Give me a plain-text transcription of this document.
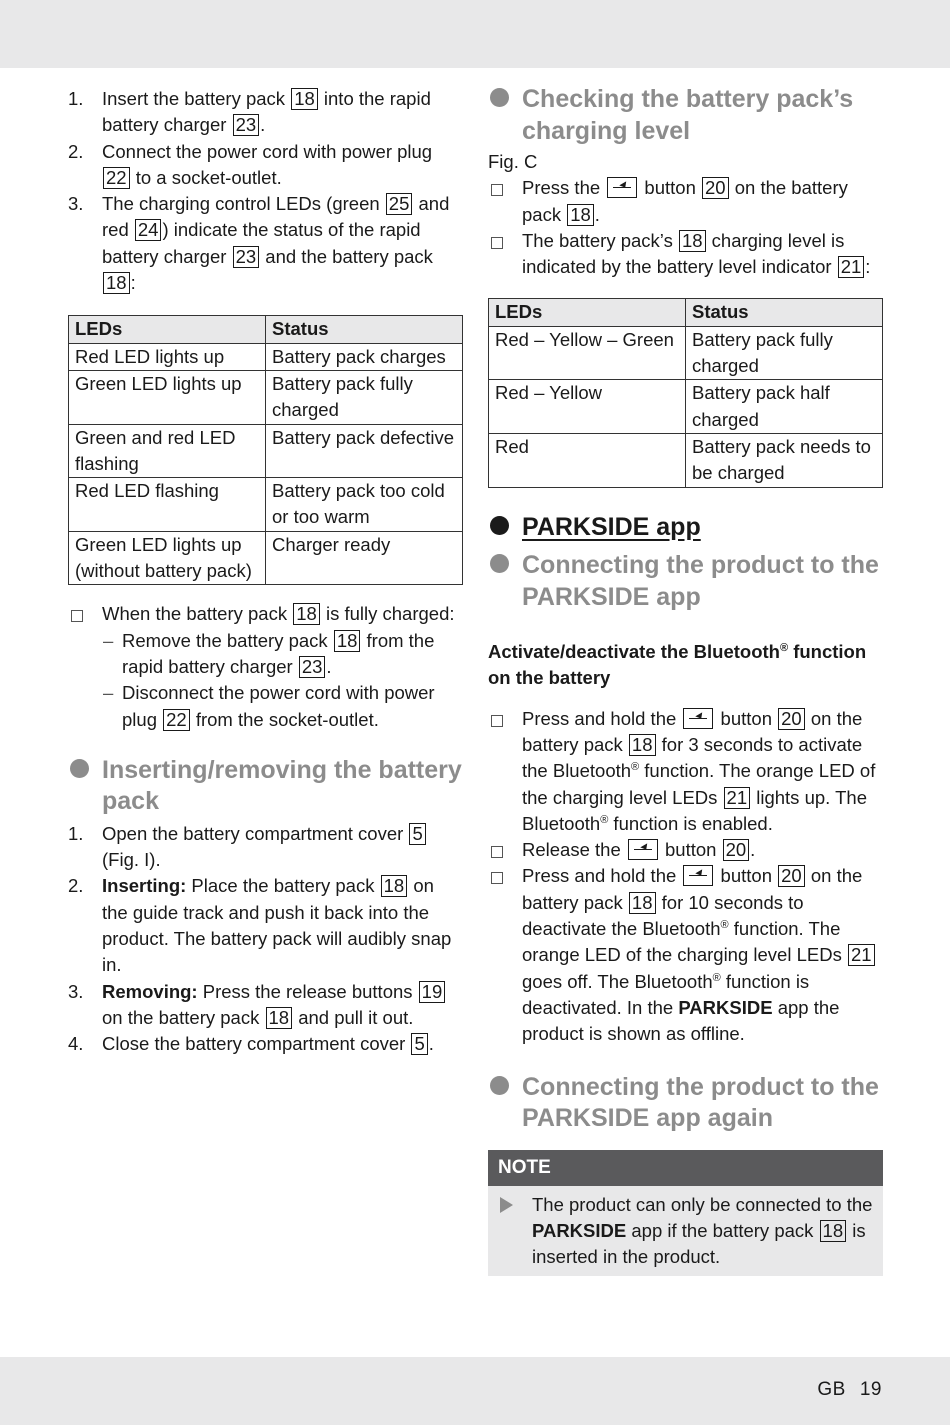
1. Insert the battery pack 18 into the rapid battery charger 23 .
2. Connect the power cord with power plug 22 to a socket-outlet.
3. The charging control LEDs (green 25 and red 24 ) indicate the status of the rapid battery charger 23 and the battery pack 18 :
LEDs	Status
Red LED lights up	Battery pack charges
Green LED lights up	Battery pack fully charged
Green and red LED flashing	Battery pack defective
Red LED flashing	Battery pack too cold or too warm
Green LED lights up (without battery pack)	Charger ready
When the battery pack 18 is fully charged:
– Remove the battery pack 18 from the rapid battery charger 23 .
– Disconnect the power cord with power plug 22 from the socket-outlet.
Inserting/removing the battery pack
1. Open the battery compartment cover 5 (Fig. I).
2. Inserting: Place the battery pack 18 on the guide track and push it back into the product. The battery pack will audibly snap in.
3. Removing: Press the release buttons 19 on the battery pack 18 and pull it out.
4. Close the battery compartment cover 5 .
Checking the battery pack’s charging level
Fig. C
Press the  button 20 on the battery pack 18 .
The battery pack’s 18 charging level is indicated by the battery level indicator 21 :
LEDs	Status
Red – Yellow – Green	Battery pack fully charged
Red – Yellow	Battery pack half charged
Red	Battery pack needs to be charged
PARKSIDE app
Connecting the product to the PARKSIDE app
Activate/deactivate the Bluetooth® function on the battery
Press and hold the  button 20 on the battery pack 18 for 3 seconds to activate the Bluetooth® function. The orange LED of the charging level LEDs 21 lights up. The Bluetooth® function is enabled.
Release the  button 20 .
Press and hold the  button 20 on the battery pack 18 for 10 seconds to deactivate the Bluetooth® function. The orange LED of the charging level LEDs 21 goes off. The Bluetooth® function is deactivated. In the PARKSIDE app the product is shown as offline.
Connecting the product to the PARKSIDE app again
NOTE
The product can only be connected to the PARKSIDE app if the battery pack 18 is inserted in the product.
GB 19
